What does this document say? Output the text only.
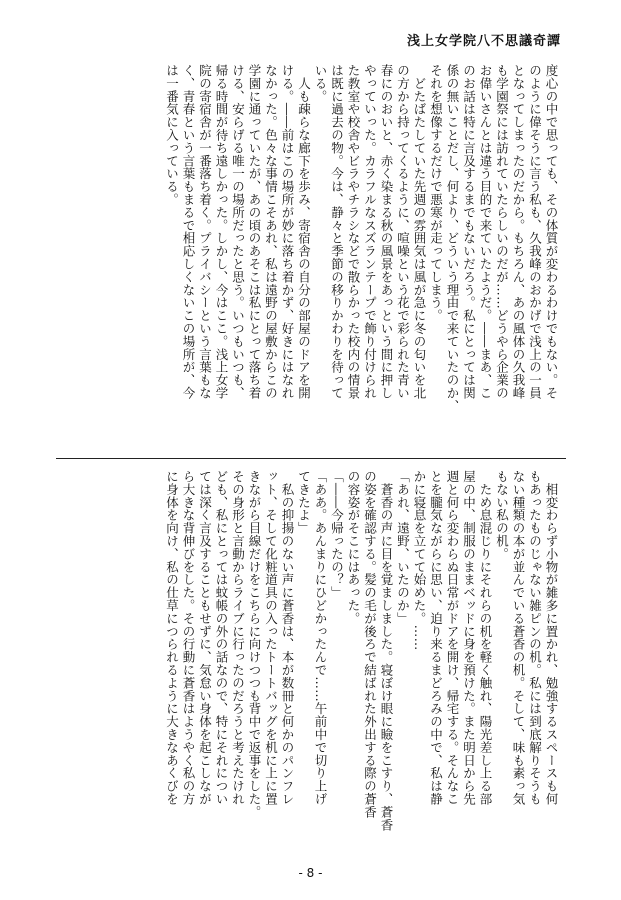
浅上女学院八不思議奇譚

度心の中で思っても、その体質が変わるわけでもない。そ

のように偉そうに言う私も、久我峰のおかげで浅上の一員

となってしまったのだから。もちろん、あの風体の久我峰

も学園祭には訪れていたらしいのだが……どうやら企業の

お偉いさんとは違う目的で来ていたようだ。――まあ、こ

のお話は特に言及するまでもないだろう。私にとっては関

係の無いことだし、何より、どういう理由で来ていたのか、

それを想像するだけで悪寒が走ってしまう。

　どたばたしていた先週の雰囲気は風が急に冬の匂いを北

の方から持ってくるように、喧噪という花で彩られた青い

春にのおいと、赤く染まる秋の風景をあっという間に押し

やっていった。カラフルなスズランテープで飾り付けられ

た教室や校舎やビラやチラシなどで散らかった校内の情景

は既に過去の物。今は、静々と季節の移りかわりを待って

いる。

　人も疎らな廊下を歩み、寄宿舎の自分の部屋のドアを開

ける。――前はこの場所が妙に落ち着かず、好きにはなれ

なかった。色々な事情こそあれ、私は遠野の屋敷からこの

学園に通っていたが、あの頃のあそこは私にとって落ち着

ける、安らげる唯一の場所だったと思う。いつもいつも、

帰る時間が待ち遠しかった。しかし、今はここ。浅上女学

院の寄宿舎が一番落ち着く。プライバシーという言葉もな

く、青春という言葉もまるで相応しくないこの場所が、今

は一番気に入っている。

　相変わらず小物が雑多に置かれ、勉強するスペースも何

もあったものじゃない雑ピンの机。私には到底解りそうも

ない種類の本が並んでいる蒼香の机。そして、味も素っ気

もない私の机。

　ため息混じりにそれらの机を軽く触れ、陽光差し上る部

屋の中、制服のままベッドに身を預けた。また明日から先

週と何ら変わらぬ日常がドアを開け、帰宅する。そんなこ

とを朧気ながらに思い、迫り来るまどろみの中で、私は静

かに寝息を立てて始めた。……

「あれ、遠野、いたのか」

　蒼香の声に目を覚ましました。寝ぼけ眼に瞼をこすり、蒼香

の姿を確認する。髪の毛が後ろで結ばれた外出する際の蒼香

の容姿がそこにはあった。

「――今帰ったの？」

「ああ。あんまりにひどかったんで……午前中で切り上げ

てきたよ」

　私の抑揚のない声に蒼香は、本が数冊と何かのパンフレ

ット、そして化粧道具の入ったトートバッグを机に上に置

きながら目線だけをこちらに向けつつも背中で返事をした。

その身形と言動からライブに行ったのだろうと考えたけれ

ども、私にとっては蚊帳の外の話なので、特にそれについ

ては深く言及することもせずに、気怠い身体を起こしなが

ら大きな背伸びをした。その行動に蒼香はようやく私の方

に身体を向け、私の仕草につられるように大きなあくびを

- 8 -
